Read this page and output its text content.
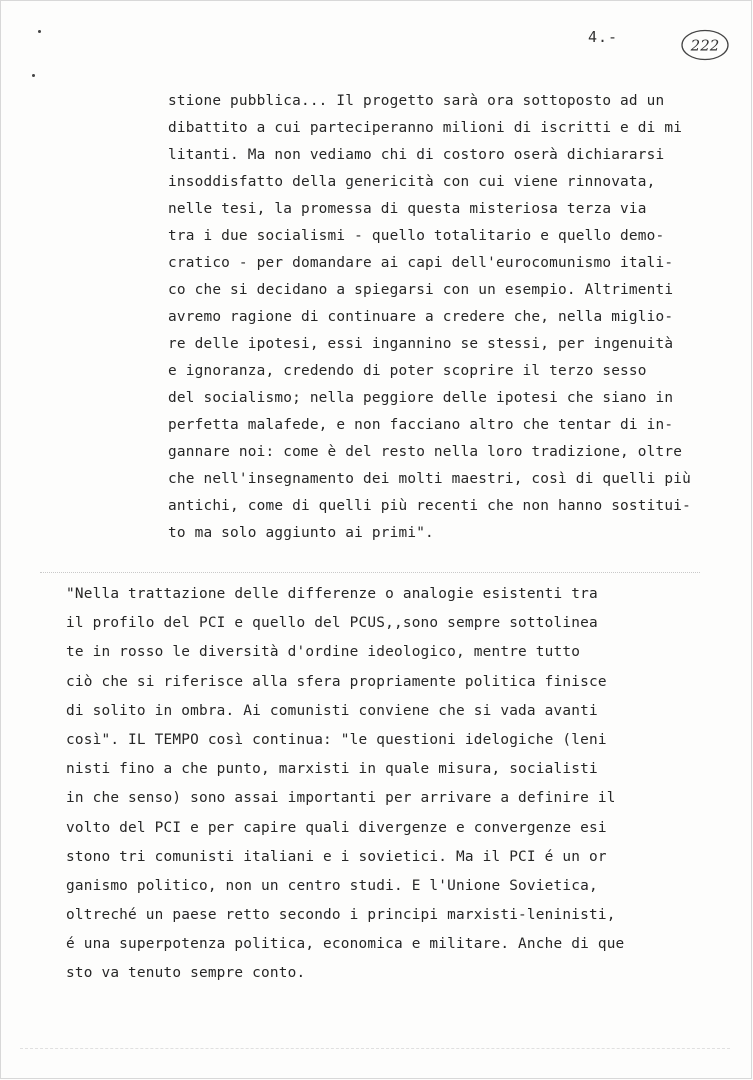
4.-	222
stione pubblica... Il progetto sarà ora sottoposto ad un
dibattito a cui parteciperanno milioni di iscritti e di mi
litanti. Ma non vediamo chi di costoro oserà dichiararsi
insoddisfatto della genericità con cui viene rinnovata,
nelle tesi, la promessa di questa misteriosa terza via
tra i due socialismi - quello totalitario e quello demo-
cratico - per domandare ai capi dell'eurocomunismo itali-
co che si decidano a spiegarsi con un esempio. Altrimenti
avremo ragione di continuare a credere che, nella miglio-
re delle ipotesi, essi ingannino se stessi, per ingenuità
e ignoranza, credendo di poter scoprire il terzo sesso
del socialismo; nella peggiore delle ipotesi che siano in
perfetta malafede, e non facciano altro che tentar di in-
gannare noi: come è del resto nella loro tradizione, oltre
che nell'insegnamento dei molti maestri, così di quelli più
antichi, come di quelli più recenti che non hanno sostitui-
to ma solo aggiunto ai primi".
"Nella trattazione delle differenze o analogie esistenti tra
il profilo del PCI e quello del PCUS,,sono sempre sottolinea
te in rosso le diversità d'ordine ideologico, mentre tutto
ciò che si riferisce alla sfera propriamente politica finisce
di solito in ombra. Ai comunisti conviene che si vada avanti
così". IL TEMPO così continua: "le questioni idelogiche (leni
nisti fino a che punto, marxisti in quale misura, socialisti
in che senso) sono assai importanti per arrivare a definire il
volto del PCI e per capire quali divergenze e convergenze esi
stono tri comunisti italiani e i sovietici. Ma il PCI é un or
ganismo politico, non un centro studi. E l'Unione Sovietica,
oltreché un paese retto secondo i principi marxisti-leninisti,
é una superpotenza politica, economica e militare. Anche di que
sto va tenuto sempre conto.
